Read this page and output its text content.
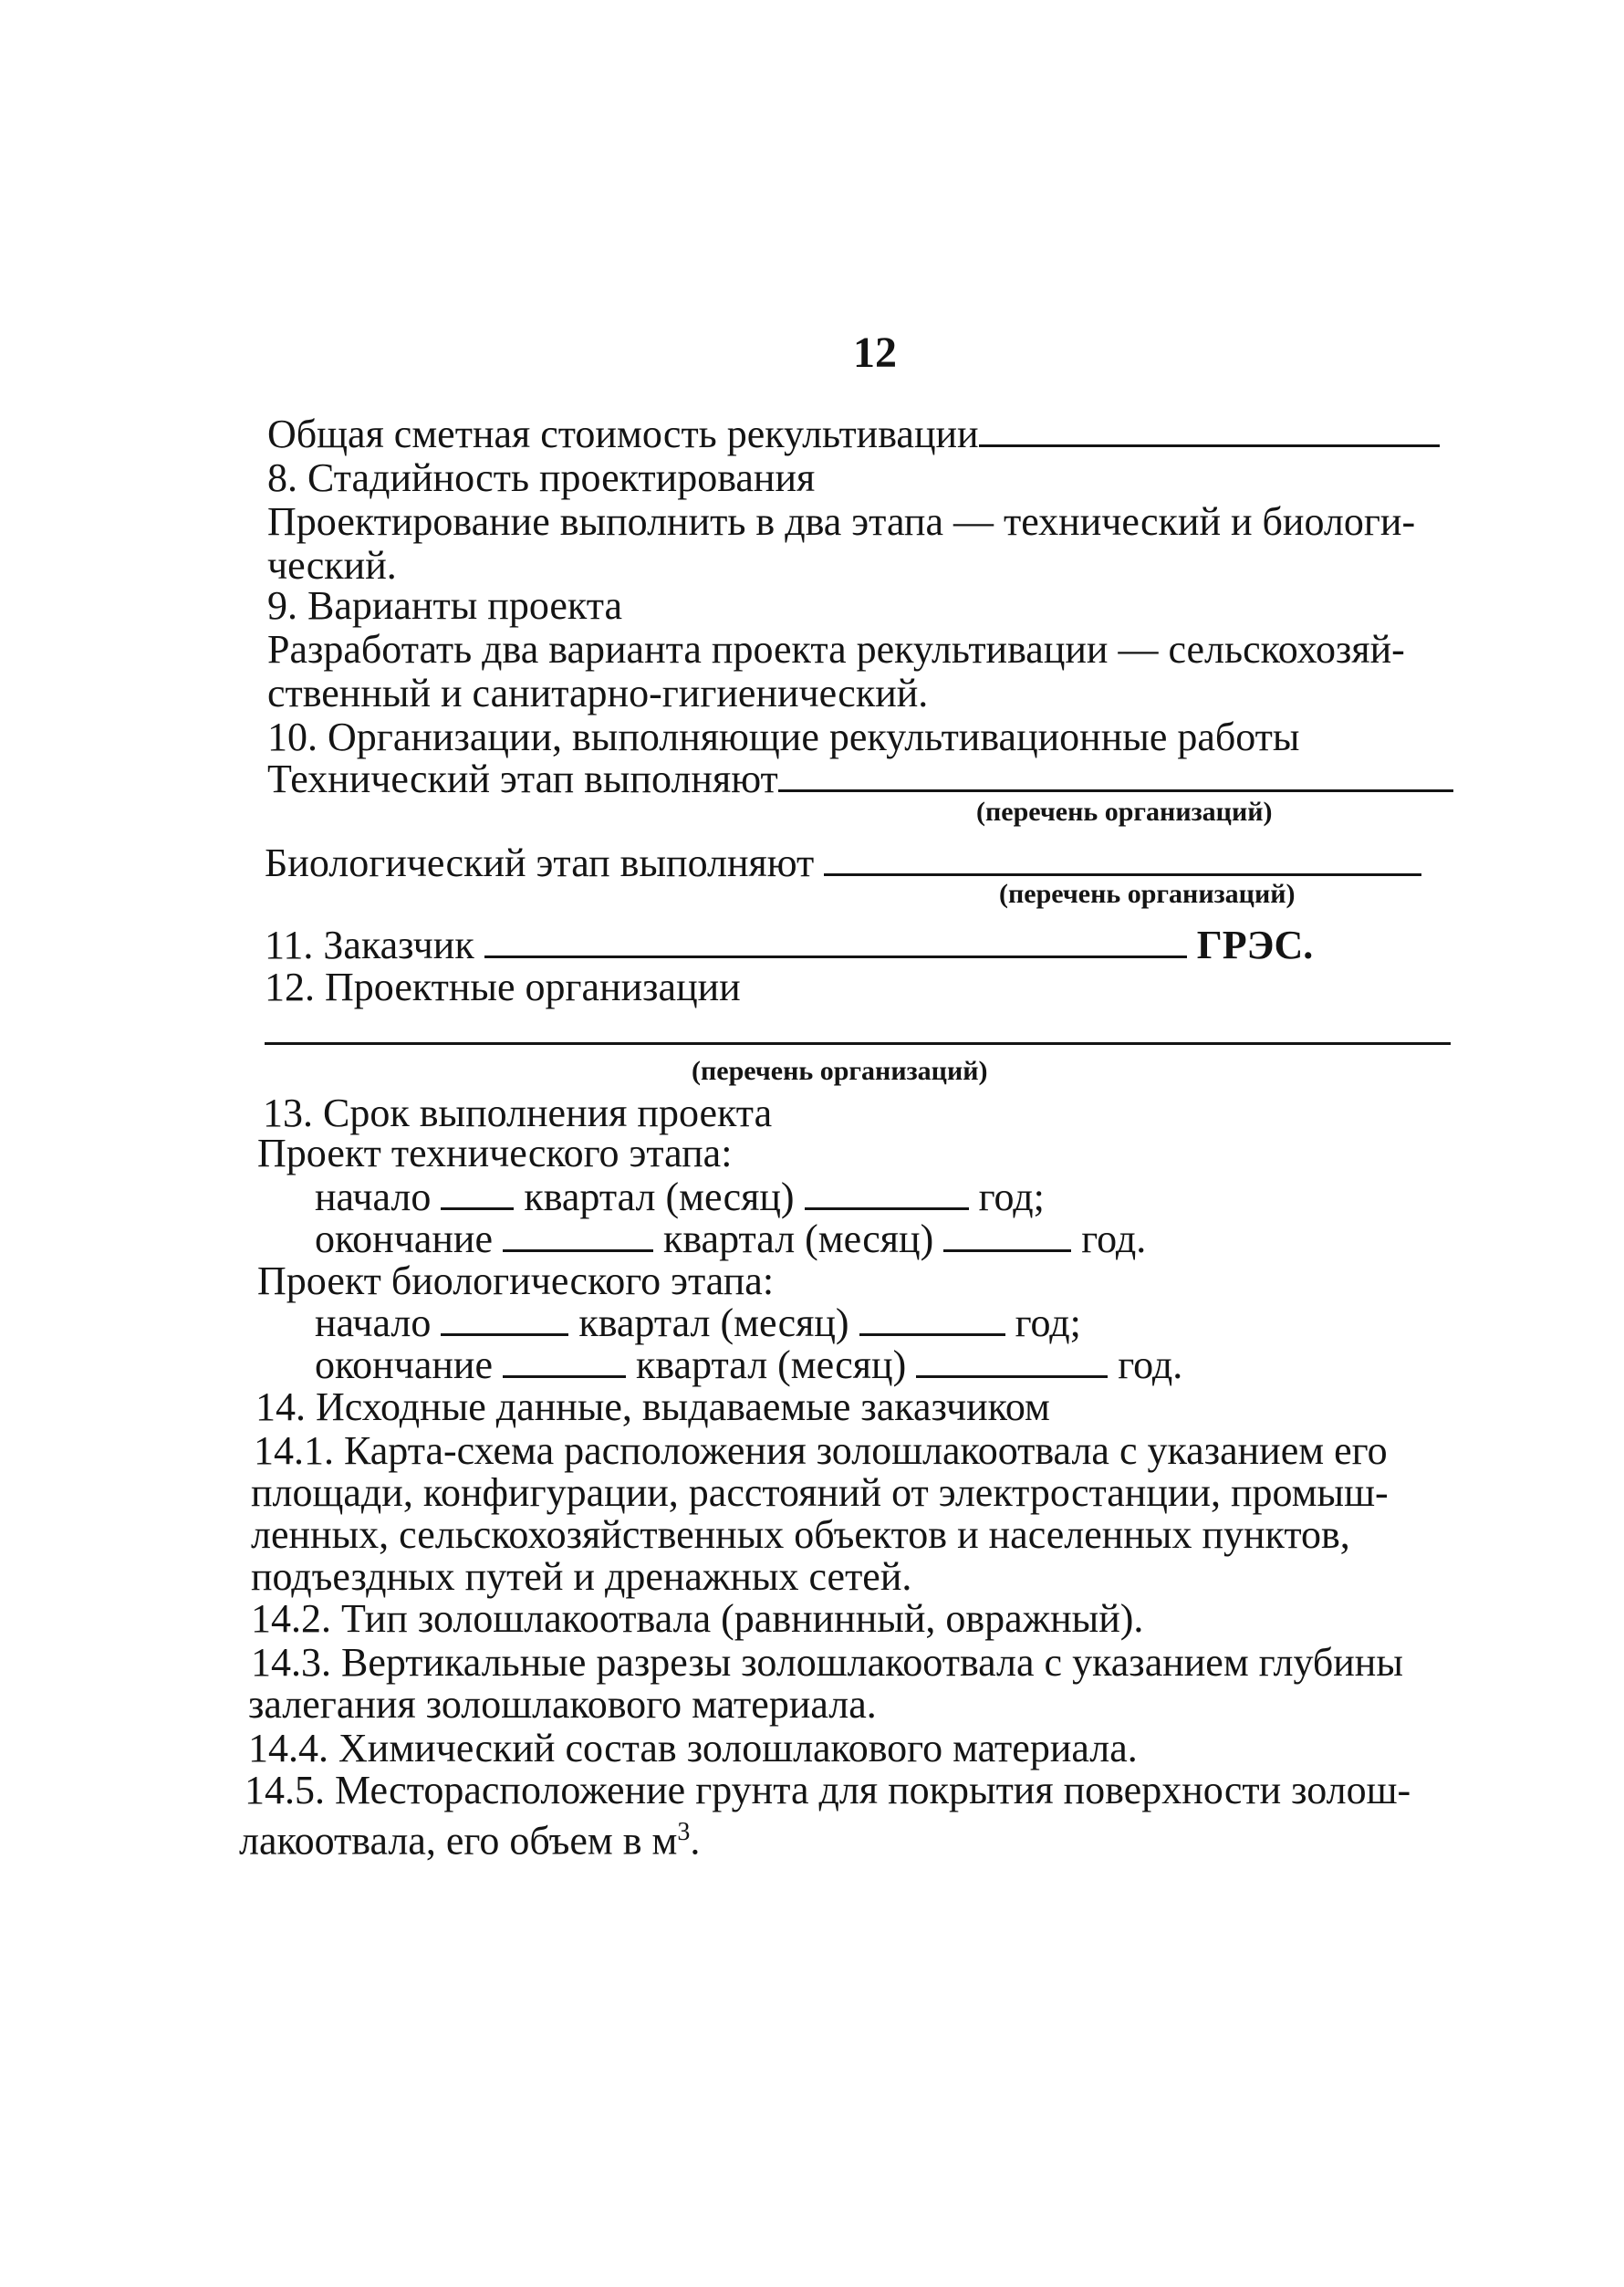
12
Общая сметная стоимость рекультивации
8. Стадийность проектирования
Проектирование выполнить в два этапа — технический и биологи-
ческий.
9. Варианты проекта
Разработать два варианта проекта рекультивации — сельскохозяй-
ственный и санитарно-гигиенический.
10. Организации, выполняющие рекультивационные работы
Технический этап выполняют
(перечень организаций)
Биологический этап выполняют
(перечень организаций)
11. Заказчик	ГРЭС.
12. Проектные организации
(перечень организаций)
13. Срок выполнения проекта
Проект технического этапа:
начало квартал (месяц)	год;
окончание	квартал (месяц)	год.
Проект биологического этапа:
начало	квартал (месяц)	год;
окончание	квартал (месяц)	год.
14. Исходные данные, выдаваемые заказчиком
14.1. Карта-схема расположения золошлакоотвала с указанием его
площади, конфигурации, расстояний от электростанции, промыш-
ленных, сельскохозяйственных объектов и населенных пунктов,
подъездных путей и дренажных сетей.
14.2. Тип золошлакоотвала (равнинный, овражный).
14.3. Вертикальные разрезы золошлакоотвала с указанием глубины
залегания золошлакового материала.
14.4. Химический состав золошлакового материала.
14.5. Месторасположение грунта для покрытия поверхности золош-
лакоотвала, его объем в $м^3$.
